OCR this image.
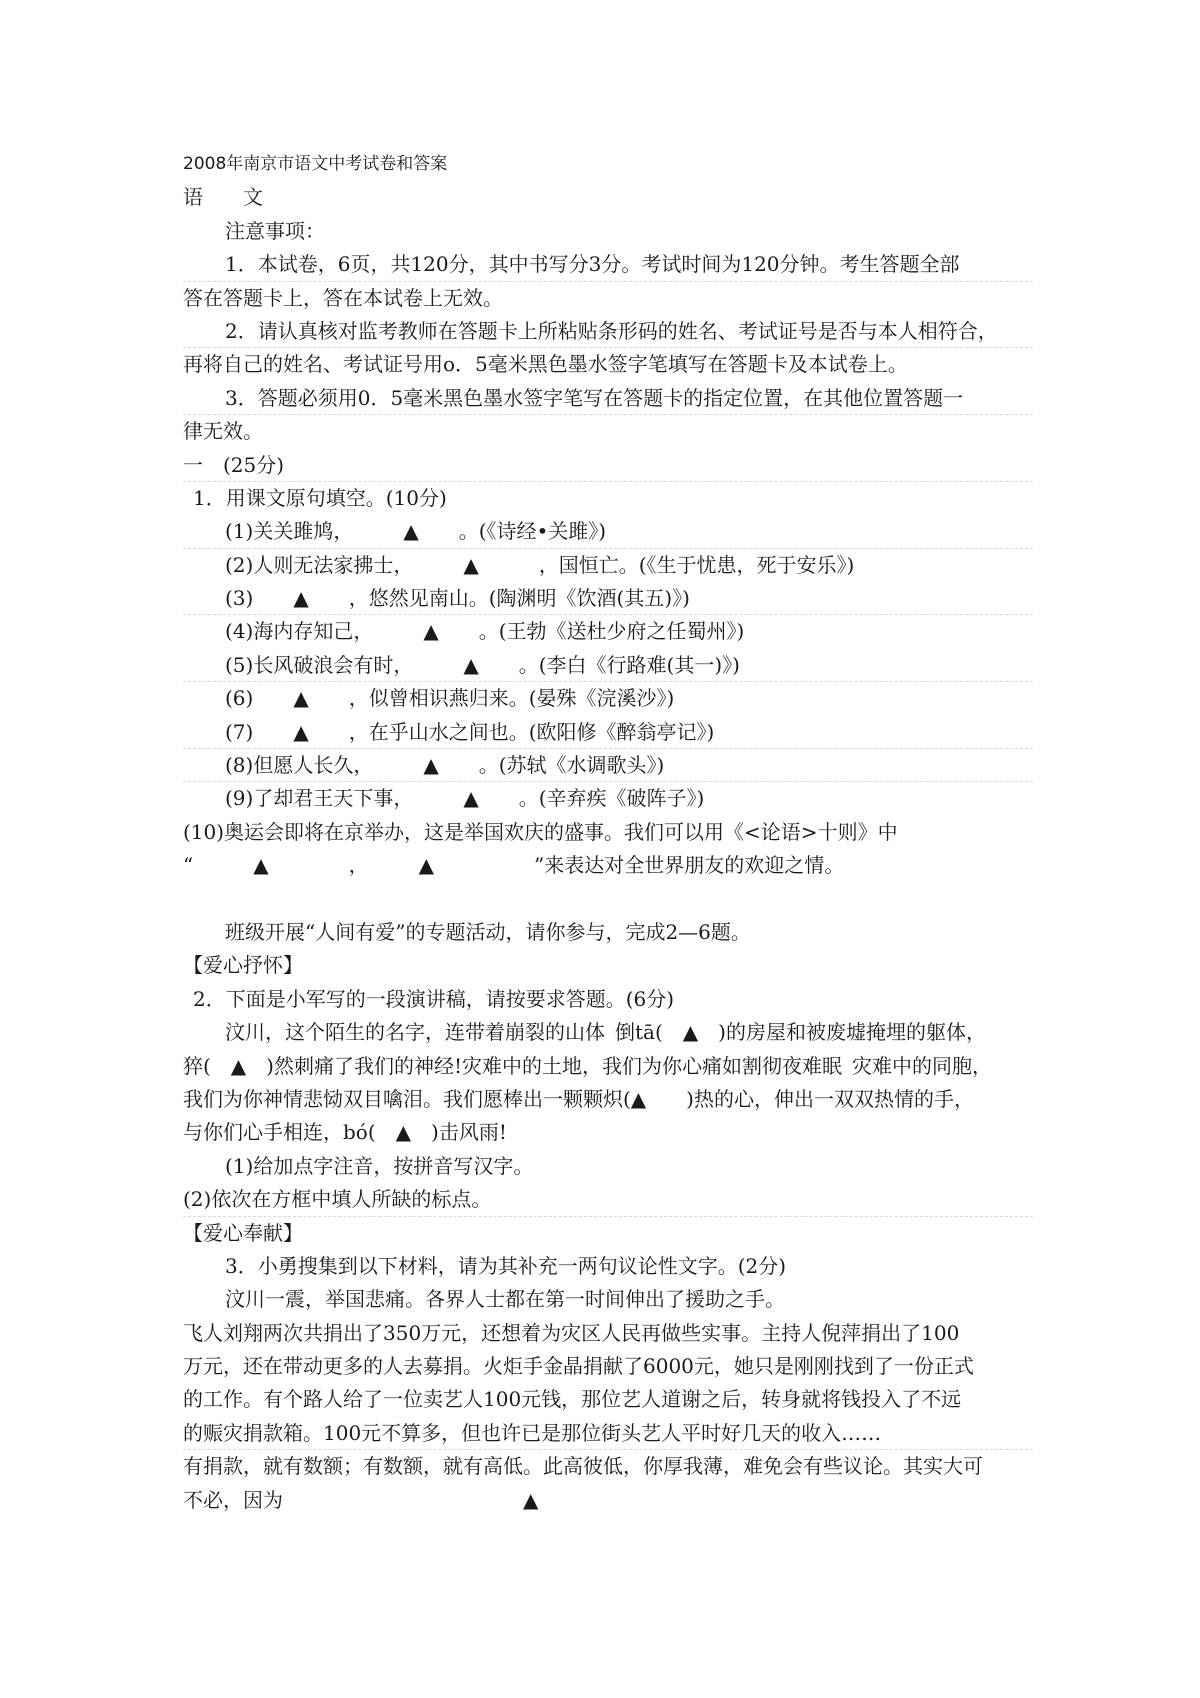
2008年南京市语文中考试卷和答案
语　　文
注意事项：
1．本试卷，6页，共120分，其中书写分3分。考试时间为120分钟。考生答题全部
答在答题卡上，答在本试卷上无效。
2．请认真核对监考教师在答题卡上所粘贴条形码的姓名、考试证号是否与本人相符合，
再将自己的姓名、考试证号用o．5毫米黑色墨水签字笔填写在答题卡及本试卷上。
3．答题必须用0．5毫米黑色墨水签字笔写在答题卡的指定位置，在其他位置答题一
律无效。
一　(25分)
1．用课文原句填空。(10分)
(1)关关雎鸠，　　　▲　　。(《诗经•关雎》)
(2)人则无法家拂士，　　　▲　　　，国恒亡。(《生于忧患，死于安乐》)
(3)　　▲　　，悠然见南山。(陶渊明《饮酒(其五)》)
(4)海内存知己，　　　▲　　。(王勃《送杜少府之任蜀州》)
(5)长风破浪会有时，　　　▲　　。(李白《行路难(其一)》)
(6)　　▲　　，似曾相识燕归来。(晏殊《浣溪沙》)
(7)　　▲　　，在乎山水之间也。(欧阳修《醉翁亭记》)
(8)但愿人长久，　　　▲　　。(苏轼《水调歌头》)
(9)了却君王天下事，　　　▲　　。(辛弃疾《破阵子》)
(10)奥运会即将在京举办，这是举国欢庆的盛事。我们可以用《<论语>十则》中
“　　　▲　　　　，　　　▲　　　　　”来表达对全世界朋友的欢迎之情。
班级开展“人间有爱”的专题活动，请你参与，完成2—6题。
【爱心抒怀】
2．下面是小军写的一段演讲稿，请按要求答题。(6分)
汶川，这个陌生的名字，连带着崩裂的山体 倒tā(　▲　)的房屋和被废墟掩埋的躯体，
猝(　▲　)然刺痛了我们的神经!灾难中的土地，我们为你心痛如割彻夜难眠 灾难中的同胞，
我们为你神情悲恸双目噙泪。我们愿棒出一颗颗炽(▲　　)热的心，伸出一双双热情的手，
与你们心手相连，bó(　▲　)击风雨!
(1)给加点字注音，按拼音写汉字。
(2)依次在方框中填人所缺的标点。
【爱心奉献】
3．小勇搜集到以下材料，请为其补充一两句议论性文字。(2分)
汶川一震，举国悲痛。各界人士都在第一时间伸出了援助之手。
飞人刘翔两次共捐出了350万元，还想着为灾区人民再做些实事。主持人倪萍捐出了100
万元，还在带动更多的人去募捐。火炬手金晶捐献了6000元，她只是刚刚找到了一份正式
的工作。有个路人给了一位卖艺人100元钱，那位艺人道谢之后，转身就将钱投入了不远
的赈灾捐款箱。100元不算多，但也许已是那位街头艺人平时好几天的收入……
有捐款，就有数额；有数额，就有高低。此高彼低，你厚我薄，难免会有些议论。其实大可
不必，因为　　　　　　　　　　　　▲
